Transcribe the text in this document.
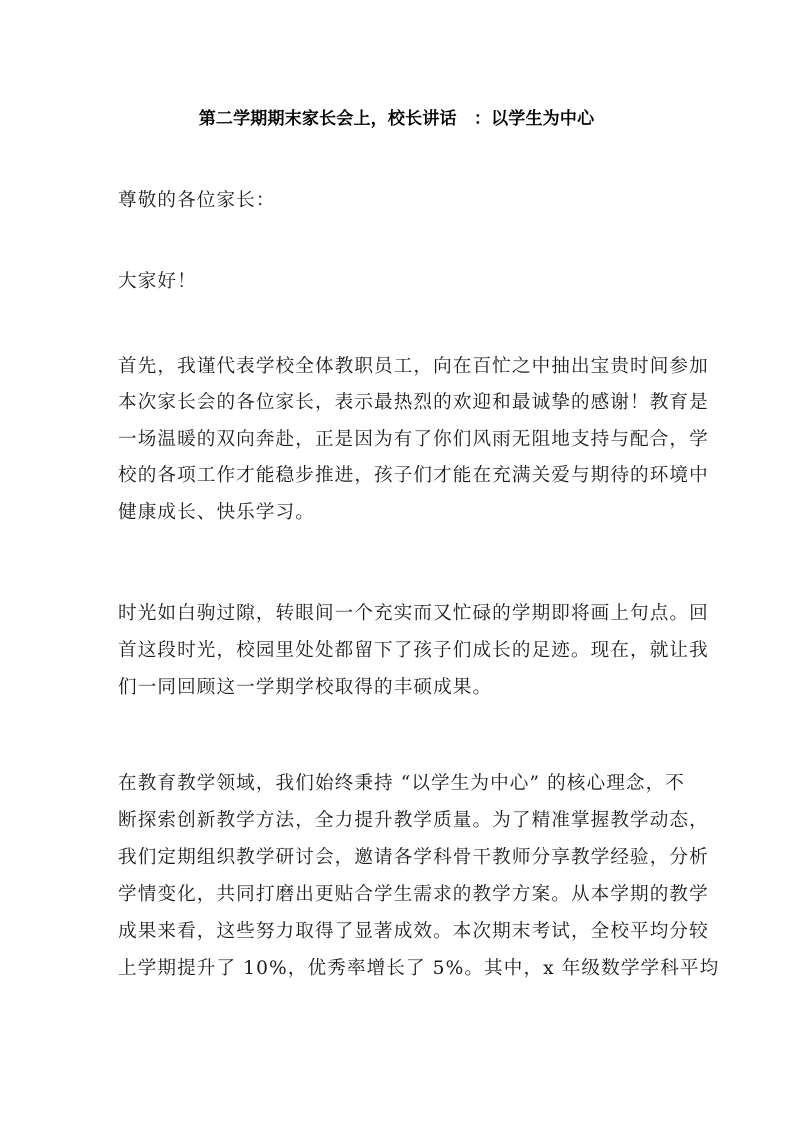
第二学期期末家长会上，校长讲话　：以学生为中心
尊敬的各位家长：
大家好！
首先，我谨代表学校全体教职员工，向在百忙之中抽出宝贵时间参加
本次家长会的各位家长，表示最热烈的欢迎和最诚挚的感谢！教育是
一场温暖的双向奔赴，正是因为有了你们风雨无阻地支持与配合，学
校的各项工作才能稳步推进，孩子们才能在充满关爱与期待的环境中
健康成长、快乐学习。
时光如白驹过隙，转眼间一个充实而又忙碌的学期即将画上句点。回
首这段时光，校园里处处都留下了孩子们成长的足迹。现在，就让我
们一同回顾这一学期学校取得的丰硕成果。
在教育教学领域，我们始终秉持 “以学生为中心” 的核心理念，不
断探索创新教学方法，全力提升教学质量。为了精准掌握教学动态，
我们定期组织教学研讨会，邀请各学科骨干教师分享教学经验，分析
学情变化，共同打磨出更贴合学生需求的教学方案。从本学期的教学
成果来看，这些努力取得了显著成效。本次期末考试，全校平均分较
上学期提升了 10%，优秀率增长了 5%。其中，x 年级数学学科平均
